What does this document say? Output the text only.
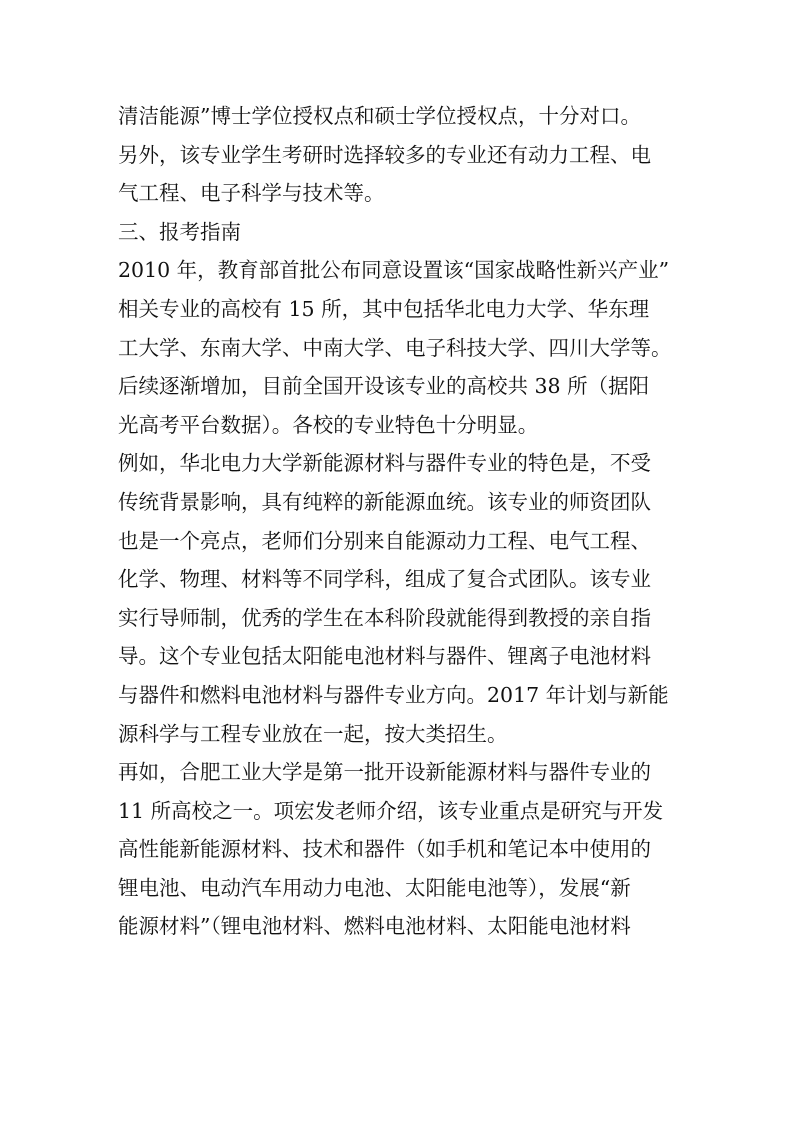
清洁能源”博士学位授权点和硕士学位授权点，十分对口。
另外，该专业学生考研时选择较多的专业还有动力工程、电
气工程、电子科学与技术等。
三、报考指南
2010 年，教育部首批公布同意设置该“国家战略性新兴产业”
相关专业的高校有 15 所，其中包括华北电力大学、华东理
工大学、东南大学、中南大学、电子科技大学、四川大学等。
后续逐渐增加，目前全国开设该专业的高校共 38 所（据阳
光高考平台数据）。各校的专业特色十分明显。
例如，华北电力大学新能源材料与器件专业的特色是，不受
传统背景影响，具有纯粹的新能源血统。该专业的师资团队
也是一个亮点，老师们分别来自能源动力工程、电气工程、
化学、物理、材料等不同学科，组成了复合式团队。该专业
实行导师制，优秀的学生在本科阶段就能得到教授的亲自指
导。这个专业包括太阳能电池材料与器件、锂离子电池材料
与器件和燃料电池材料与器件专业方向。2017 年计划与新能
源科学与工程专业放在一起，按大类招生。
再如，合肥工业大学是第一批开设新能源材料与器件专业的
11 所高校之一。项宏发老师介绍，该专业重点是研究与开发
高性能新能源材料、技术和器件（如手机和笔记本中使用的
锂电池、电动汽车用动力电池、太阳能电池等），发展“新
能源材料”（锂电池材料、燃料电池材料、太阳能电池材料
